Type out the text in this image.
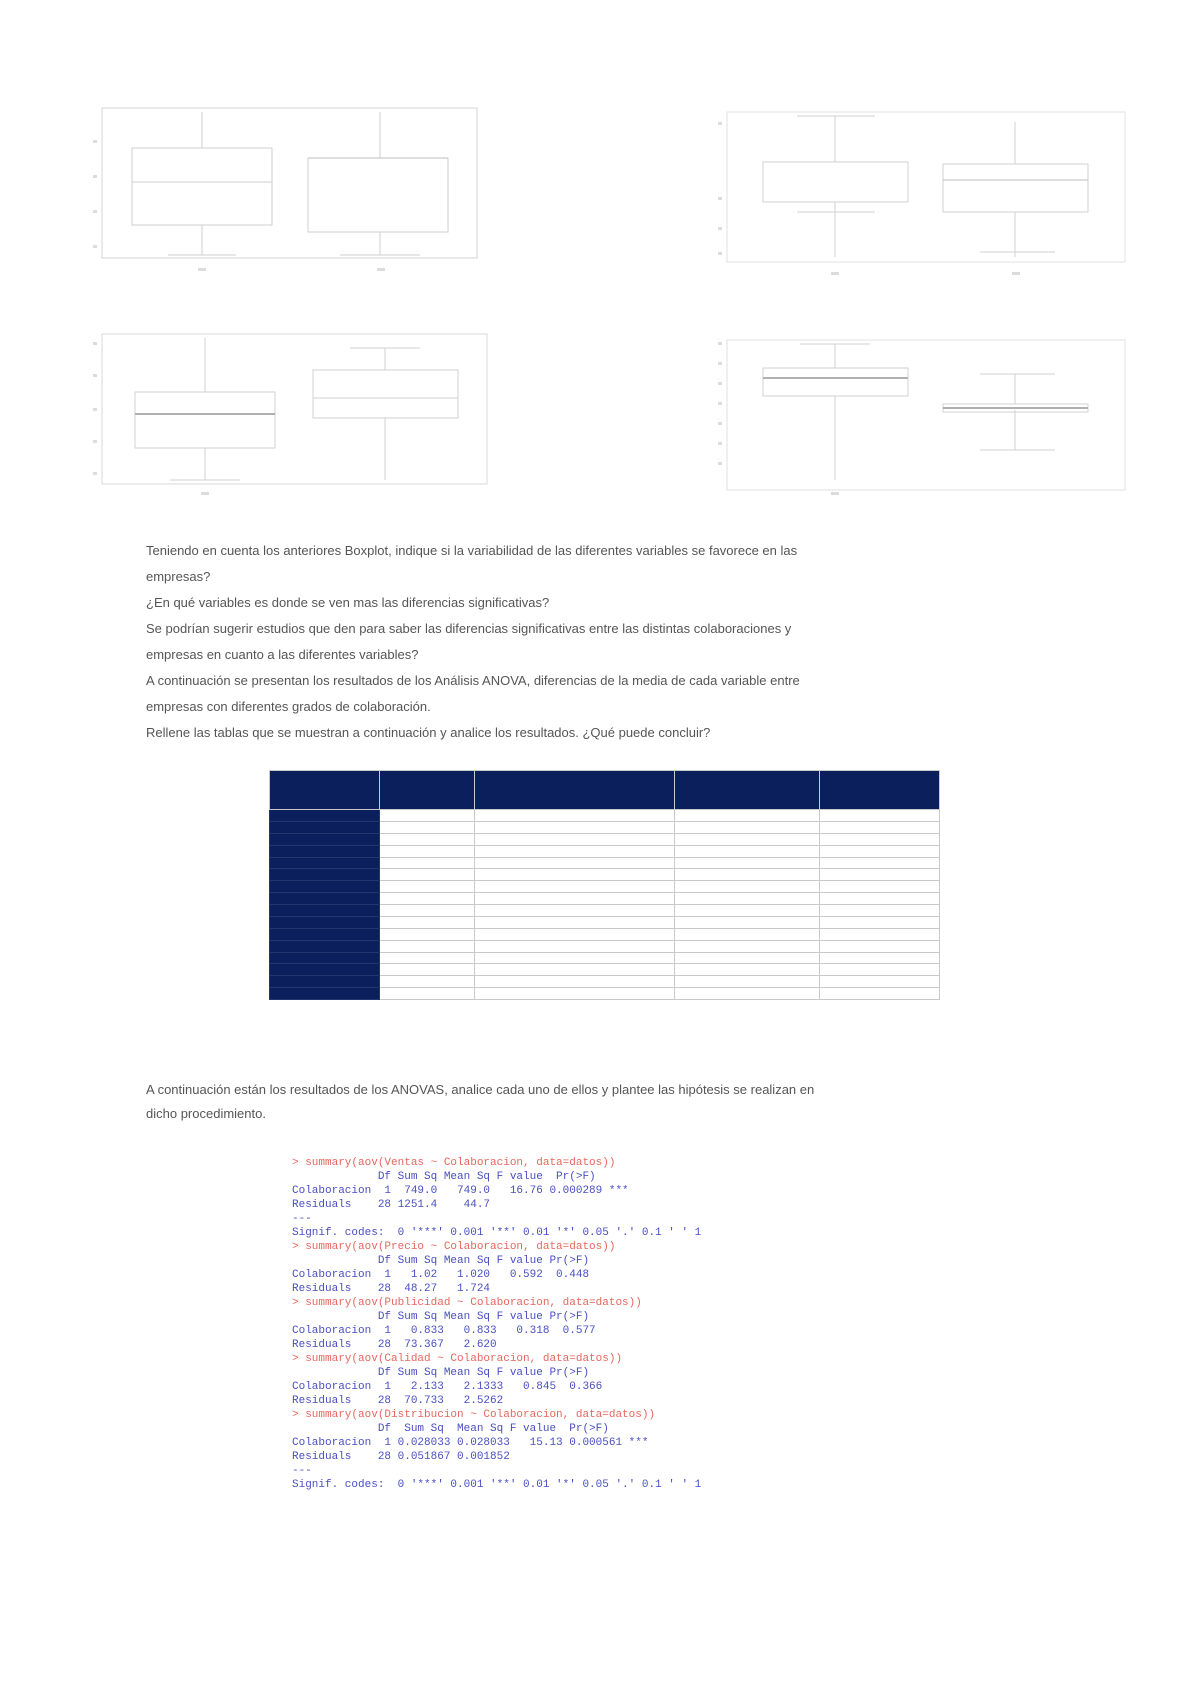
Teniendo en cuenta los anteriores Boxplot, indique si la variabilidad de las diferentes variables se favorece en las

empresas?

¿En qué variables es donde se ven mas las diferencias significativas?

Se podrían sugerir estudios que den para saber las diferencias significativas entre las distintas colaboraciones y

empresas en cuanto a las diferentes variables?

A continuación se presentan los resultados de los Análisis ANOVA, diferencias de la media de cada variable entre

empresas con diferentes grados de colaboración.

Rellene las tablas que se muestran a continuación y analice los resultados. ¿Qué puede concluir?

A continuación están los resultados de los ANOVAS, analice cada uno de ellos y plantee las hipótesis se realizan en

dicho procedimiento.

> summary(aov(Ventas ~ Colaboracion, data=datos))
Df Sum Sq Mean Sq F value  Pr(>F)
Colaboracion  1  749.0   749.0   16.76 0.000289 ***
Residuals    28 1251.4    44.7
---
Signif. codes:  0 '***' 0.001 '**' 0.01 '*' 0.05 '.' 0.1 ' ' 1
> summary(aov(Precio ~ Colaboracion, data=datos))
Df Sum Sq Mean Sq F value Pr(>F)
Colaboracion  1   1.02   1.020   0.592  0.448
Residuals    28  48.27   1.724
> summary(aov(Publicidad ~ Colaboracion, data=datos))
Df Sum Sq Mean Sq F value Pr(>F)
Colaboracion  1   0.833   0.833   0.318  0.577
Residuals    28  73.367   2.620
> summary(aov(Calidad ~ Colaboracion, data=datos))
Df Sum Sq Mean Sq F value Pr(>F)
Colaboracion  1   2.133   2.1333   0.845  0.366
Residuals    28  70.733   2.5262
> summary(aov(Distribucion ~ Colaboracion, data=datos))
Df  Sum Sq  Mean Sq F value  Pr(>F)
Colaboracion  1 0.028033 0.028033   15.13 0.000561 ***
Residuals    28 0.051867 0.001852
---
Signif. codes:  0 '***' 0.001 '**' 0.01 '*' 0.05 '.' 0.1 ' ' 1
